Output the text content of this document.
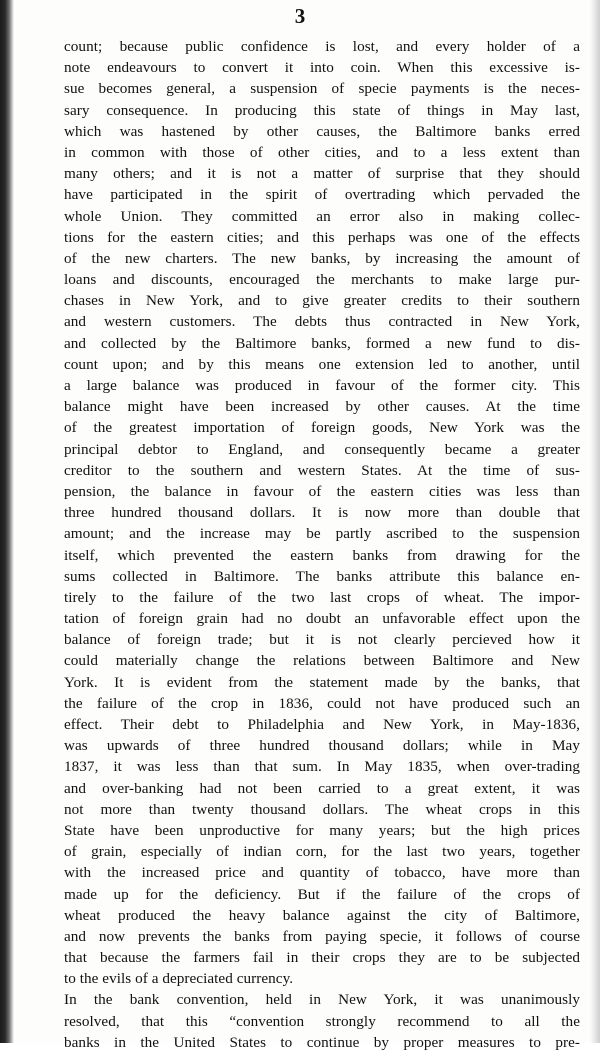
3
count; because public confidence is lost, and every holder of a
note endeavours to convert it into coin. When this excessive is-
sue becomes general, a suspension of specie payments is the neces-
sary consequence. In producing this state of things in May last,
which was hastened by other causes, the Baltimore banks erred
in common with those of other cities, and to a less extent than
many others; and it is not a matter of surprise that they should
have participated in the spirit of overtrading which pervaded the
whole Union. They committed an error also in making collec-
tions for the eastern cities; and this perhaps was one of the effects
of the new charters. The new banks, by increasing the amount of
loans and discounts, encouraged the merchants to make large pur-
chases in New York, and to give greater credits to their southern
and western customers. The debts thus contracted in New York,
and collected by the Baltimore banks, formed a new fund to dis-
count upon; and by this means one extension led to another, until
a large balance was produced in favour of the former city. This
balance might have been increased by other causes. At the time
of the greatest importation of foreign goods, New York was the
principal debtor to England, and consequently became a greater
creditor to the southern and western States. At the time of sus-
pension, the balance in favour of the eastern cities was less than
three hundred thousand dollars. It is now more than double that
amount; and the increase may be partly ascribed to the suspension
itself, which prevented the eastern banks from drawing for the
sums collected in Baltimore. The banks attribute this balance en-
tirely to the failure of the two last crops of wheat. The impor-
tation of foreign grain had no doubt an unfavorable effect upon the
balance of foreign trade; but it is not clearly percieved how it
could materially change the relations between Baltimore and New
York. It is evident from the statement made by the banks, that
the failure of the crop in 1836, could not have produced such an
effect. Their debt to Philadelphia and New York, in May-1836,
was upwards of three hundred thousand dollars; while in May
1837, it was less than that sum. In May 1835, when over-trading
and over-banking had not been carried to a great extent, it was
not more than twenty thousand dollars. The wheat crops in this
State have been unproductive for many years; but the high prices
of grain, especially of indian corn, for the last two years, together
with the increased price and quantity of tobacco, have more than
made up for the deficiency. But if the failure of the crops of
wheat produced the heavy balance against the city of Baltimore,
and now prevents the banks from paying specie, it follows of course
that because the farmers fail in their crops they are to be subjected
to the evils of a depreciated currency.
In the bank convention, held in New York, it was unanimously
resolved, that this “convention strongly recommend to all the
banks in the United States to continue by proper measures to pre-
